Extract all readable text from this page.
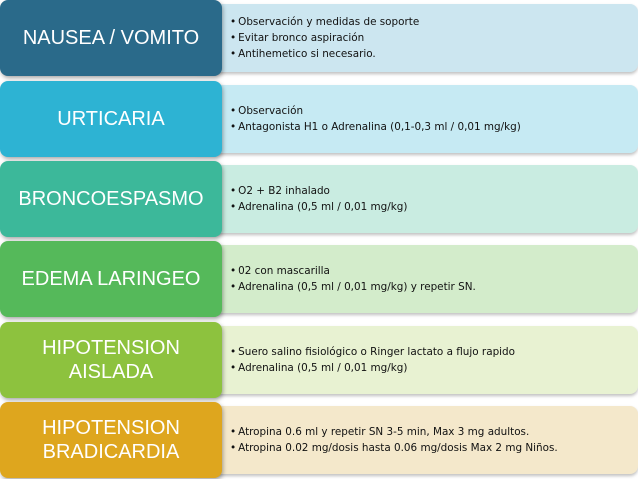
• Observación y medidas de soporte
• Evitar bronco aspiración
• Antihemetico si necesario.
NAUSEA / VOMITO
• Observación
• Antagonista H1 o Adrenalina (0,1-0,3 ml / 0,01 mg/kg)
URTICARIA
• O2 + B2 inhalado
• Adrenalina (0,5 ml / 0,01 mg/kg)
BRONCOESPASMO
• 02 con mascarilla
• Adrenalina (0,5 ml / 0,01 mg/kg) y repetir SN.
EDEMA LARINGEO
• Suero salino fisiológico o Ringer lactato a flujo rapido
• Adrenalina (0,5 ml / 0,01 mg/kg)
HIPOTENSION
AISLADA
• Atropina 0.6 ml y repetir SN 3-5 min, Max 3 mg adultos.
• Atropina 0.02 mg/dosis hasta 0.06 mg/dosis Max 2 mg Niños.
HIPOTENSION
BRADICARDIA
